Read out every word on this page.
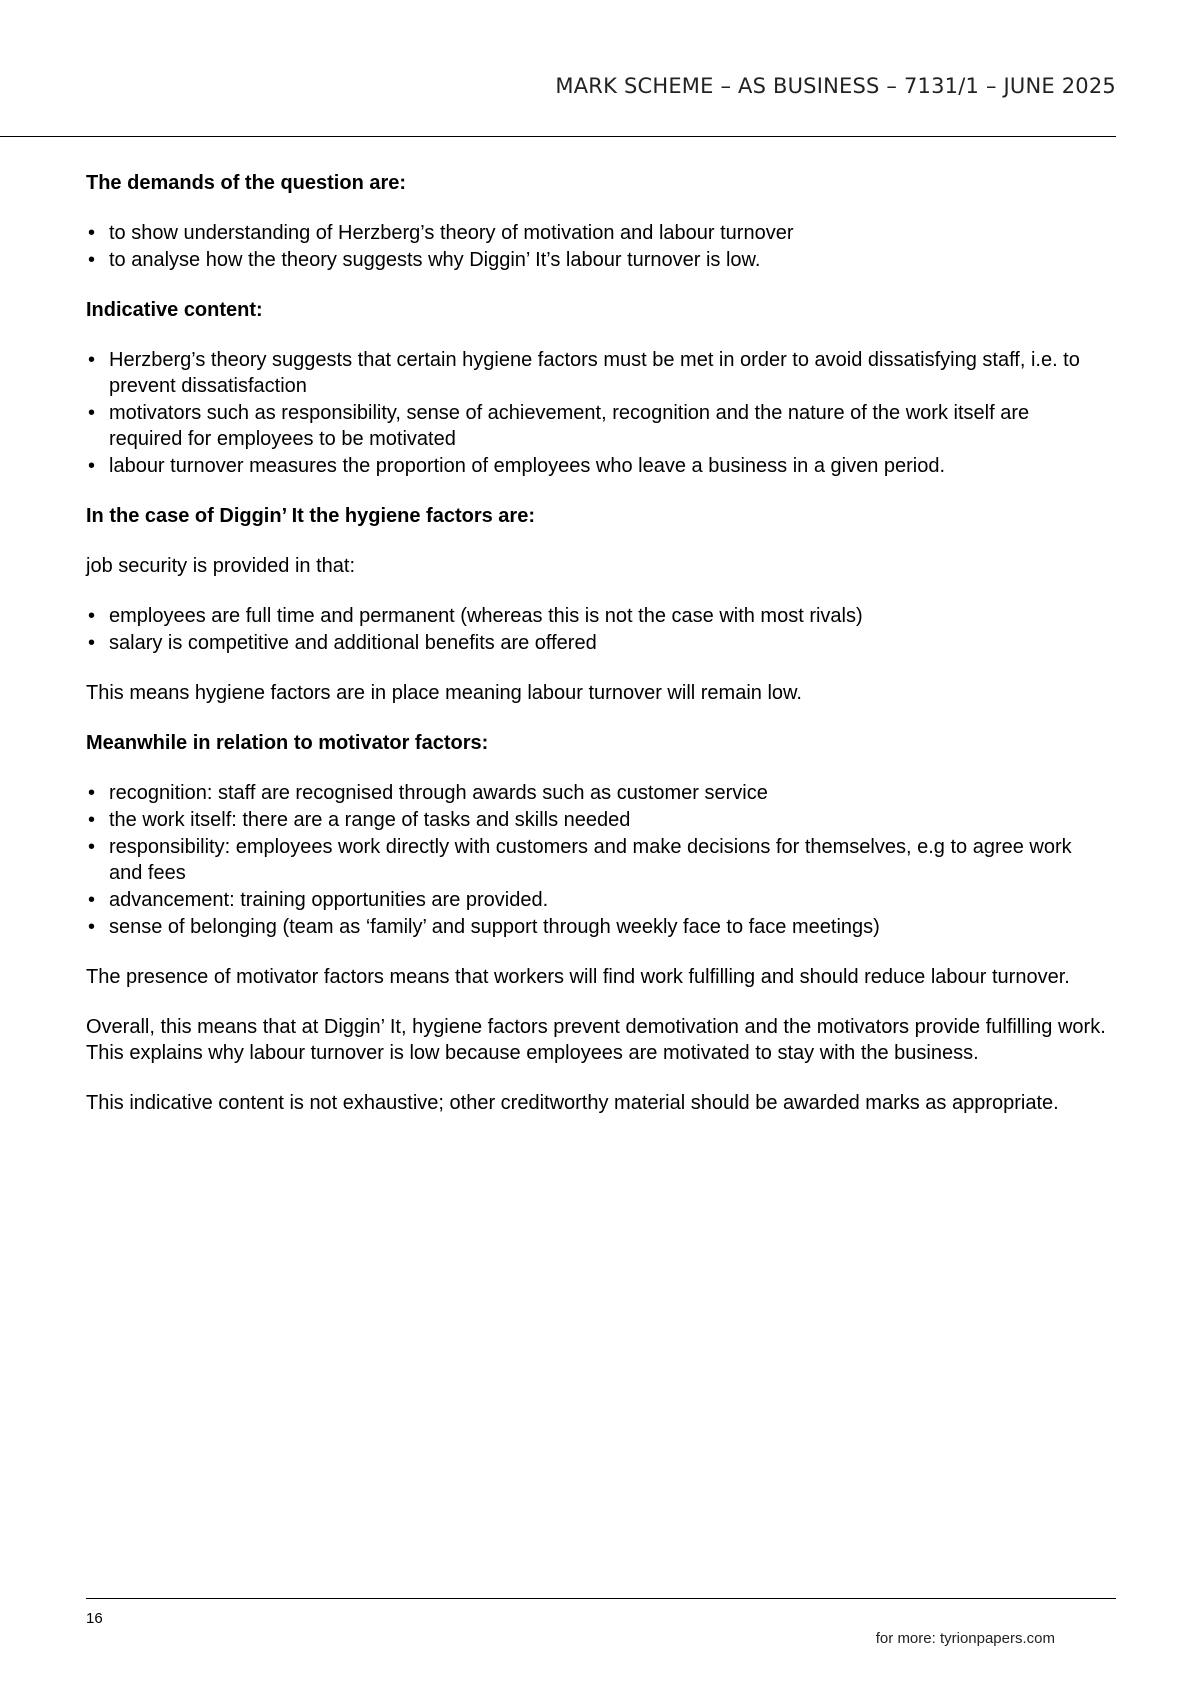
MARK SCHEME – AS BUSINESS – 7131/1 – JUNE 2025

The demands of the question are:

• to show understanding of Herzberg’s theory of motivation and labour turnover
• to analyse how the theory suggests why Diggin’ It’s labour turnover is low.

Indicative content:

• Herzberg’s theory suggests that certain hygiene factors must be met in order to avoid dissatisfying staff, i.e. to prevent dissatisfaction
• motivators such as responsibility, sense of achievement, recognition and the nature of the work itself are required for employees to be motivated
• labour turnover measures the proportion of employees who leave a business in a given period.

In the case of Diggin’ It the hygiene factors are:

job security is provided in that:

• employees are full time and permanent (whereas this is not the case with most rivals)
• salary is competitive and additional benefits are offered

This means hygiene factors are in place meaning labour turnover will remain low.

Meanwhile in relation to motivator factors:

• recognition: staff are recognised through awards such as customer service
• the work itself: there are a range of tasks and skills needed
• responsibility: employees work directly with customers and make decisions for themselves, e.g to agree work and fees
• advancement: training opportunities are provided.
• sense of belonging (team as ‘family’ and support through weekly face to face meetings)

The presence of motivator factors means that workers will find work fulfilling and should reduce labour turnover.

Overall, this means that at Diggin’ It, hygiene factors prevent demotivation and the motivators provide fulfilling work. This explains why labour turnover is low because employees are motivated to stay with the business.

This indicative content is not exhaustive; other creditworthy material should be awarded marks as appropriate.

16
for more: tyrionpapers.com
